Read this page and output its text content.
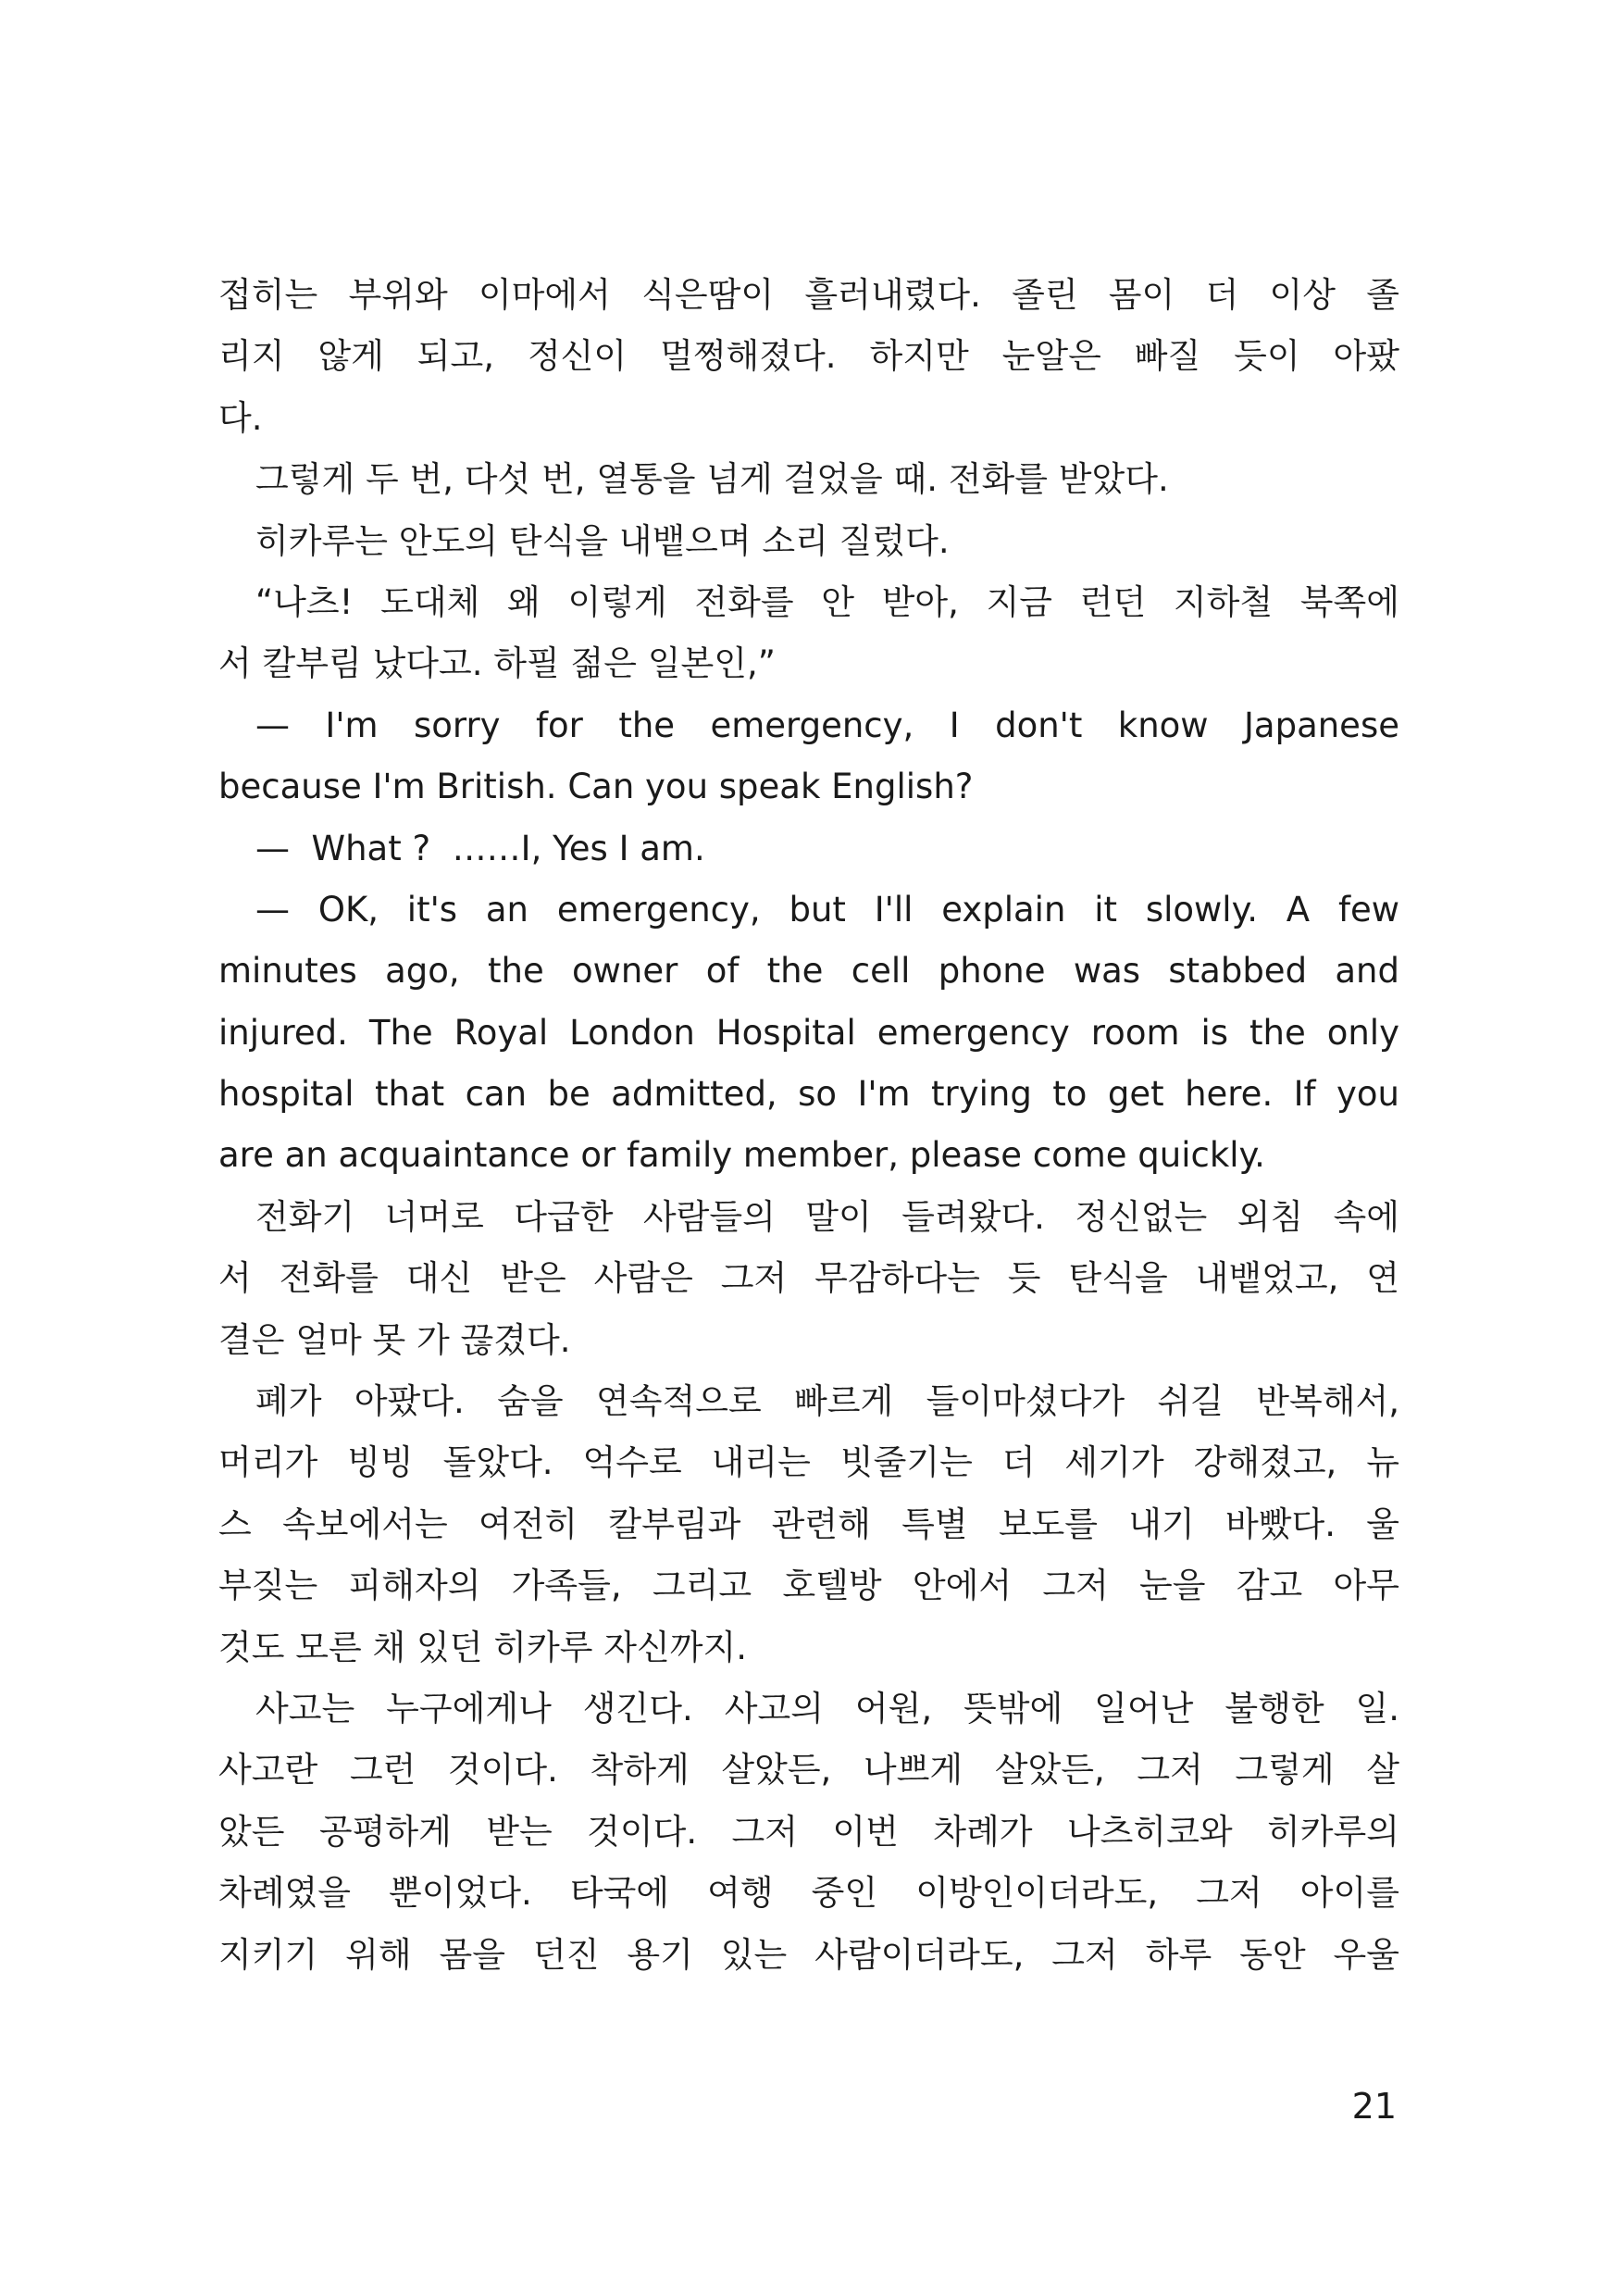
접히는 부위와 이마에서 식은땀이 흘러내렸다. 졸린 몸이 더 이상 졸
리지 않게 되고, 정신이 멀쩡해졌다. 하지만 눈알은 빠질 듯이 아팠
다.
그렇게 두 번, 다섯 번, 열통을 넘게 걸었을 때. 전화를 받았다.
히카루는 안도의 탄식을 내뱉으며 소리 질렀다.
“나츠! 도대체 왜 이렇게 전화를 안 받아, 지금 런던 지하철 북쪽에
서 칼부림 났다고. 하필 젊은 일본인,”
— I'm sorry for the emergency, I don't know Japanese
because I'm British. Can you speak English?
—  What ?  ……I, Yes I am.
— OK, it's an emergency, but I'll explain it slowly. A few
minutes ago, the owner of the cell phone was stabbed and
injured. The Royal London Hospital emergency room is the only
hospital that can be admitted, so I'm trying to get here. If you
are an acquaintance or family member, please come quickly.
전화기 너머로 다급한 사람들의 말이 들려왔다. 정신없는 외침 속에
서 전화를 대신 받은 사람은 그저 무감하다는 듯 탄식을 내뱉었고, 연
결은 얼마 못 가 끊겼다.
폐가 아팠다. 숨을 연속적으로 빠르게 들이마셨다가 쉬길 반복해서,
머리가 빙빙 돌았다. 억수로 내리는 빗줄기는 더 세기가 강해졌고, 뉴
스 속보에서는 여전히 칼부림과 관련해 특별 보도를 내기 바빴다. 울
부짖는 피해자의 가족들, 그리고 호텔방 안에서 그저 눈을 감고 아무
것도 모른 채 있던 히카루 자신까지.
사고는 누구에게나 생긴다. 사고의 어원, 뜻밖에 일어난 불행한 일.
사고란 그런 것이다. 착하게 살았든, 나쁘게 살았든, 그저 그렇게 살
았든 공평하게 받는 것이다. 그저 이번 차례가 나츠히코와 히카루의
차례였을 뿐이었다. 타국에 여행 중인 이방인이더라도, 그저 아이를
지키기 위해 몸을 던진 용기 있는 사람이더라도, 그저 하루 동안 우울
21
